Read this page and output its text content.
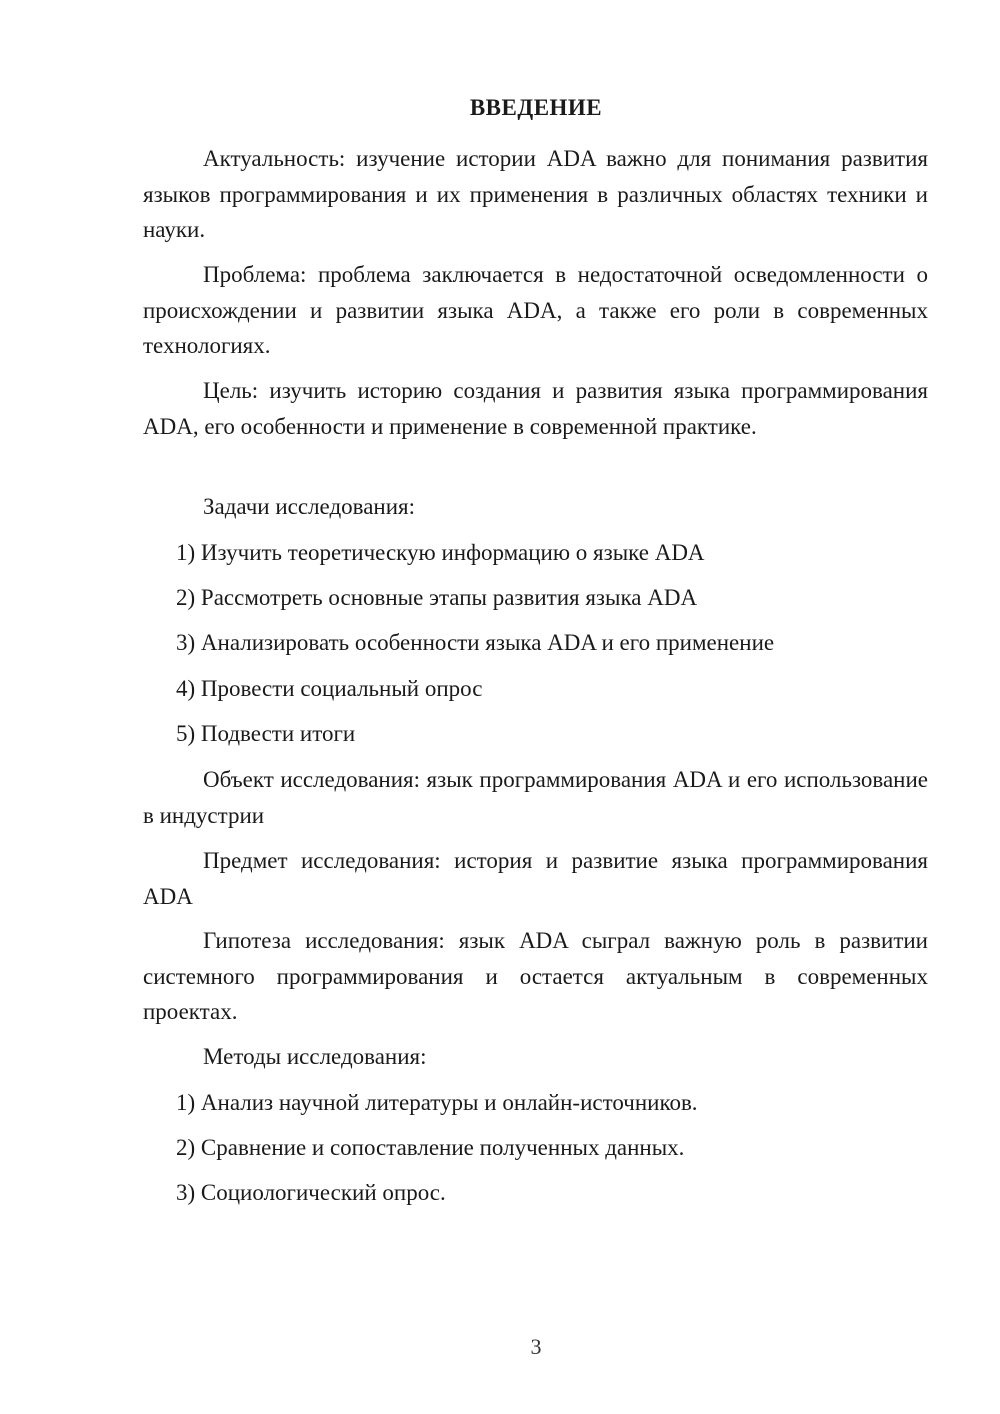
ВВЕДЕНИЕ

Актуальность: изучение истории ADA важно для понимания развития языков программирования и их применения в различных областях техники и науки.

Проблема: проблема заключается в недостаточной осведомленности о происхождении и развитии языка ADA, а также его роли в современных технологиях.

Цель: изучить историю создания и развития языка программирования ADA, его особенности и применение в современной практике.

Задачи исследования:

1) Изучить теоретическую информацию о языке ADA

2) Рассмотреть основные этапы развития языка ADA

3) Анализировать особенности языка ADA и его применение

4) Провести социальный опрос

5) Подвести итоги

Объект исследования: язык программирования ADA и его использование в индустрии

Предмет исследования: история и развитие языка программирования ADA

Гипотеза исследования: язык ADA сыграл важную роль в развитии системного программирования и остается актуальным в современных проектах.

Методы исследования:

1) Анализ научной литературы и онлайн-источников.

2) Сравнение и сопоставление полученных данных.

3) Социологический опрос.

3
